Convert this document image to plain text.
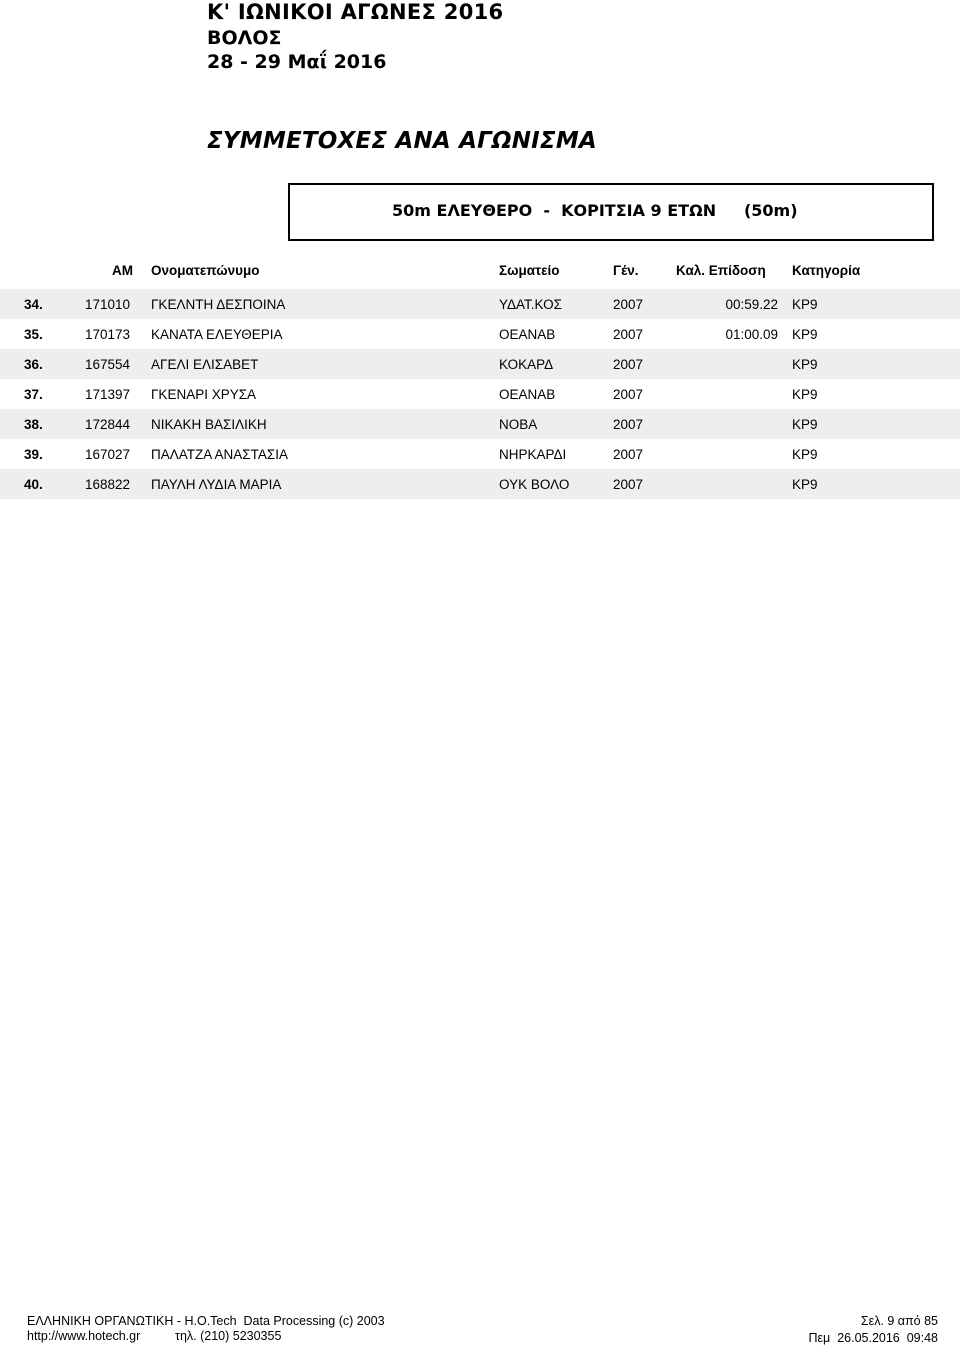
Κ' ΙΩΝΙΚΟΙ ΑΓΩΝΕΣ 2016
ΒΟΛΟΣ
28 - 29 Μαΐ 2016
ΣΥΜΜΕΤΟΧΕΣ ΑΝΑ ΑΓΩΝΙΣΜΑ
50m ΕΛΕΥΘΕΡΟ  -  ΚΟΡΙΤΣΙΑ 9 ΕΤΩΝ     (50m)
ΑΜ Ονοματεπώνυμο	Σωματείο	Γέν.	Καλ. Επίδοση Κατηγορία
34.	171010 ΓΚΕΛΝΤΗ ΔΕΣΠΟΙΝΑ	ΥΔΑΤ.ΚΟΣ	2007	00:59.22 ΚΡ9
35.	170173 ΚΑΝΑΤΑ ΕΛΕΥΘΕΡΙΑ	ΟΕΑΝΑΒ	2007	01:00.09 ΚΡ9
36.	167554 ΑΓΕΛΙ ΕΛΙΣΑΒΕΤ	ΚΟΚΑΡΔ	2007	ΚΡ9
37.	171397 ΓΚΕΝΑΡΙ ΧΡΥΣΑ	ΟΕΑΝΑΒ	2007	ΚΡ9
38.	172844 ΝΙΚΑΚΗ ΒΑΣΙΛΙΚΗ	ΝΟΒΑ	2007	ΚΡ9
39.	167027 ΠΑΛΑΤΖΑ ΑΝΑΣΤΑΣΙΑ	ΝΗΡΚΑΡΔΙ	2007	ΚΡ9
40.	168822 ΠΑΥΛΗ ΛΥΔΙΑ ΜΑΡΙΑ	ΟΥΚ ΒΟΛΟ	2007	ΚΡ9
ΕΛΛΗΝΙΚΗ ΟΡΓΑΝΩΤΙΚΗ - Η.Ο.Tech  Data Processing (c) 2003
http://www.hotech.gr	τηλ. (210) 5230355
Σελ. 9 από 85
Πεμ  26.05.2016  09:48
